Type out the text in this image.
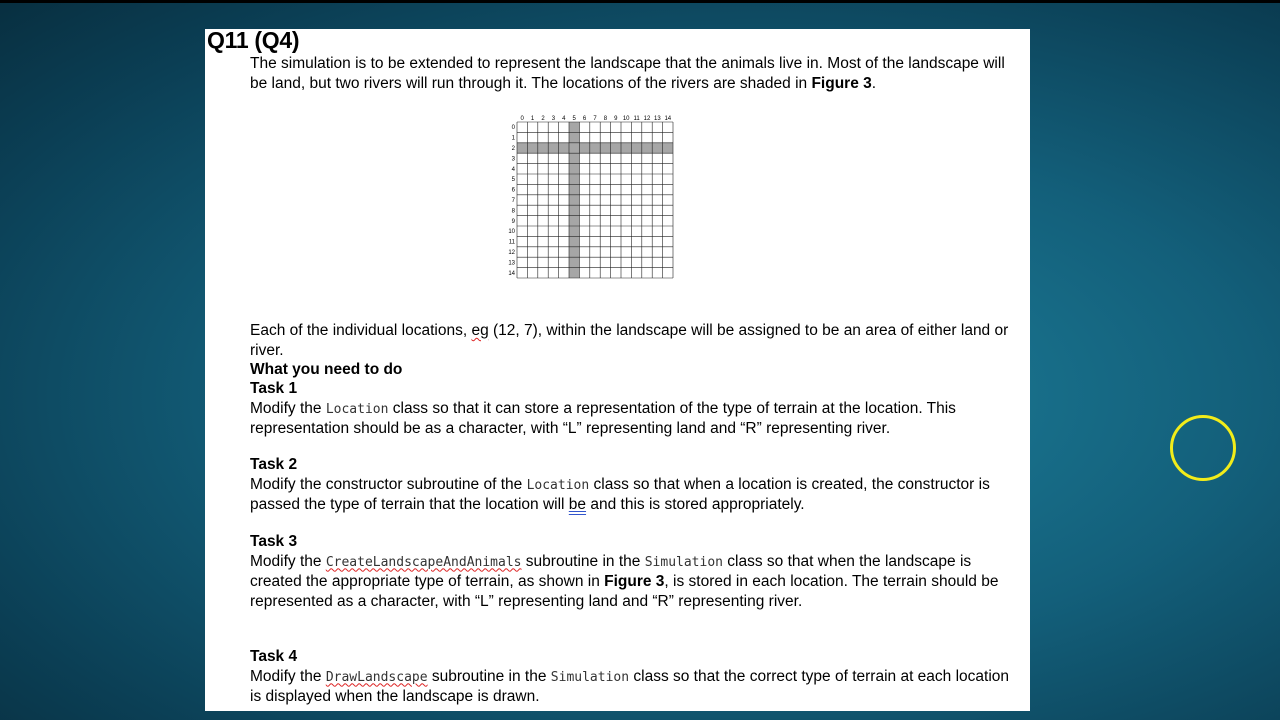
Q11 (Q4)
The simulation is to be extended to represent the landscape that the animals live in. Most of the landscape will be land, but two rivers will run through it. The locations of the rivers are shaded in Figure 3.
0 1 2 3 4 5 6 7 8 9 10 11 12 13 14
0
1
2
3
4
5
6
7
8
9
10
11
12
13
14
Each of the individual locations, eg (12, 7), within the landscape will be assigned to be an area of either land or river.
What you need to do
Task 1
Modify the Location class so that it can store a representation of the type of terrain at the location. This representation should be as a character, with “L” representing land and “R” representing river.
Task 2
Modify the constructor subroutine of the Location class so that when a location is created, the constructor is passed the type of terrain that the location will be and this is stored appropriately.
Task 3
Modify the CreateLandscapeAndAnimals subroutine in the Simulation class so that when the landscape is created the appropriate type of terrain, as shown in Figure 3, is stored in each location. The terrain should be represented as a character, with “L” representing land and “R” representing river.
Task 4
Modify the DrawLandscape subroutine in the Simulation class so that the correct type of terrain at each location is displayed when the landscape is drawn.
